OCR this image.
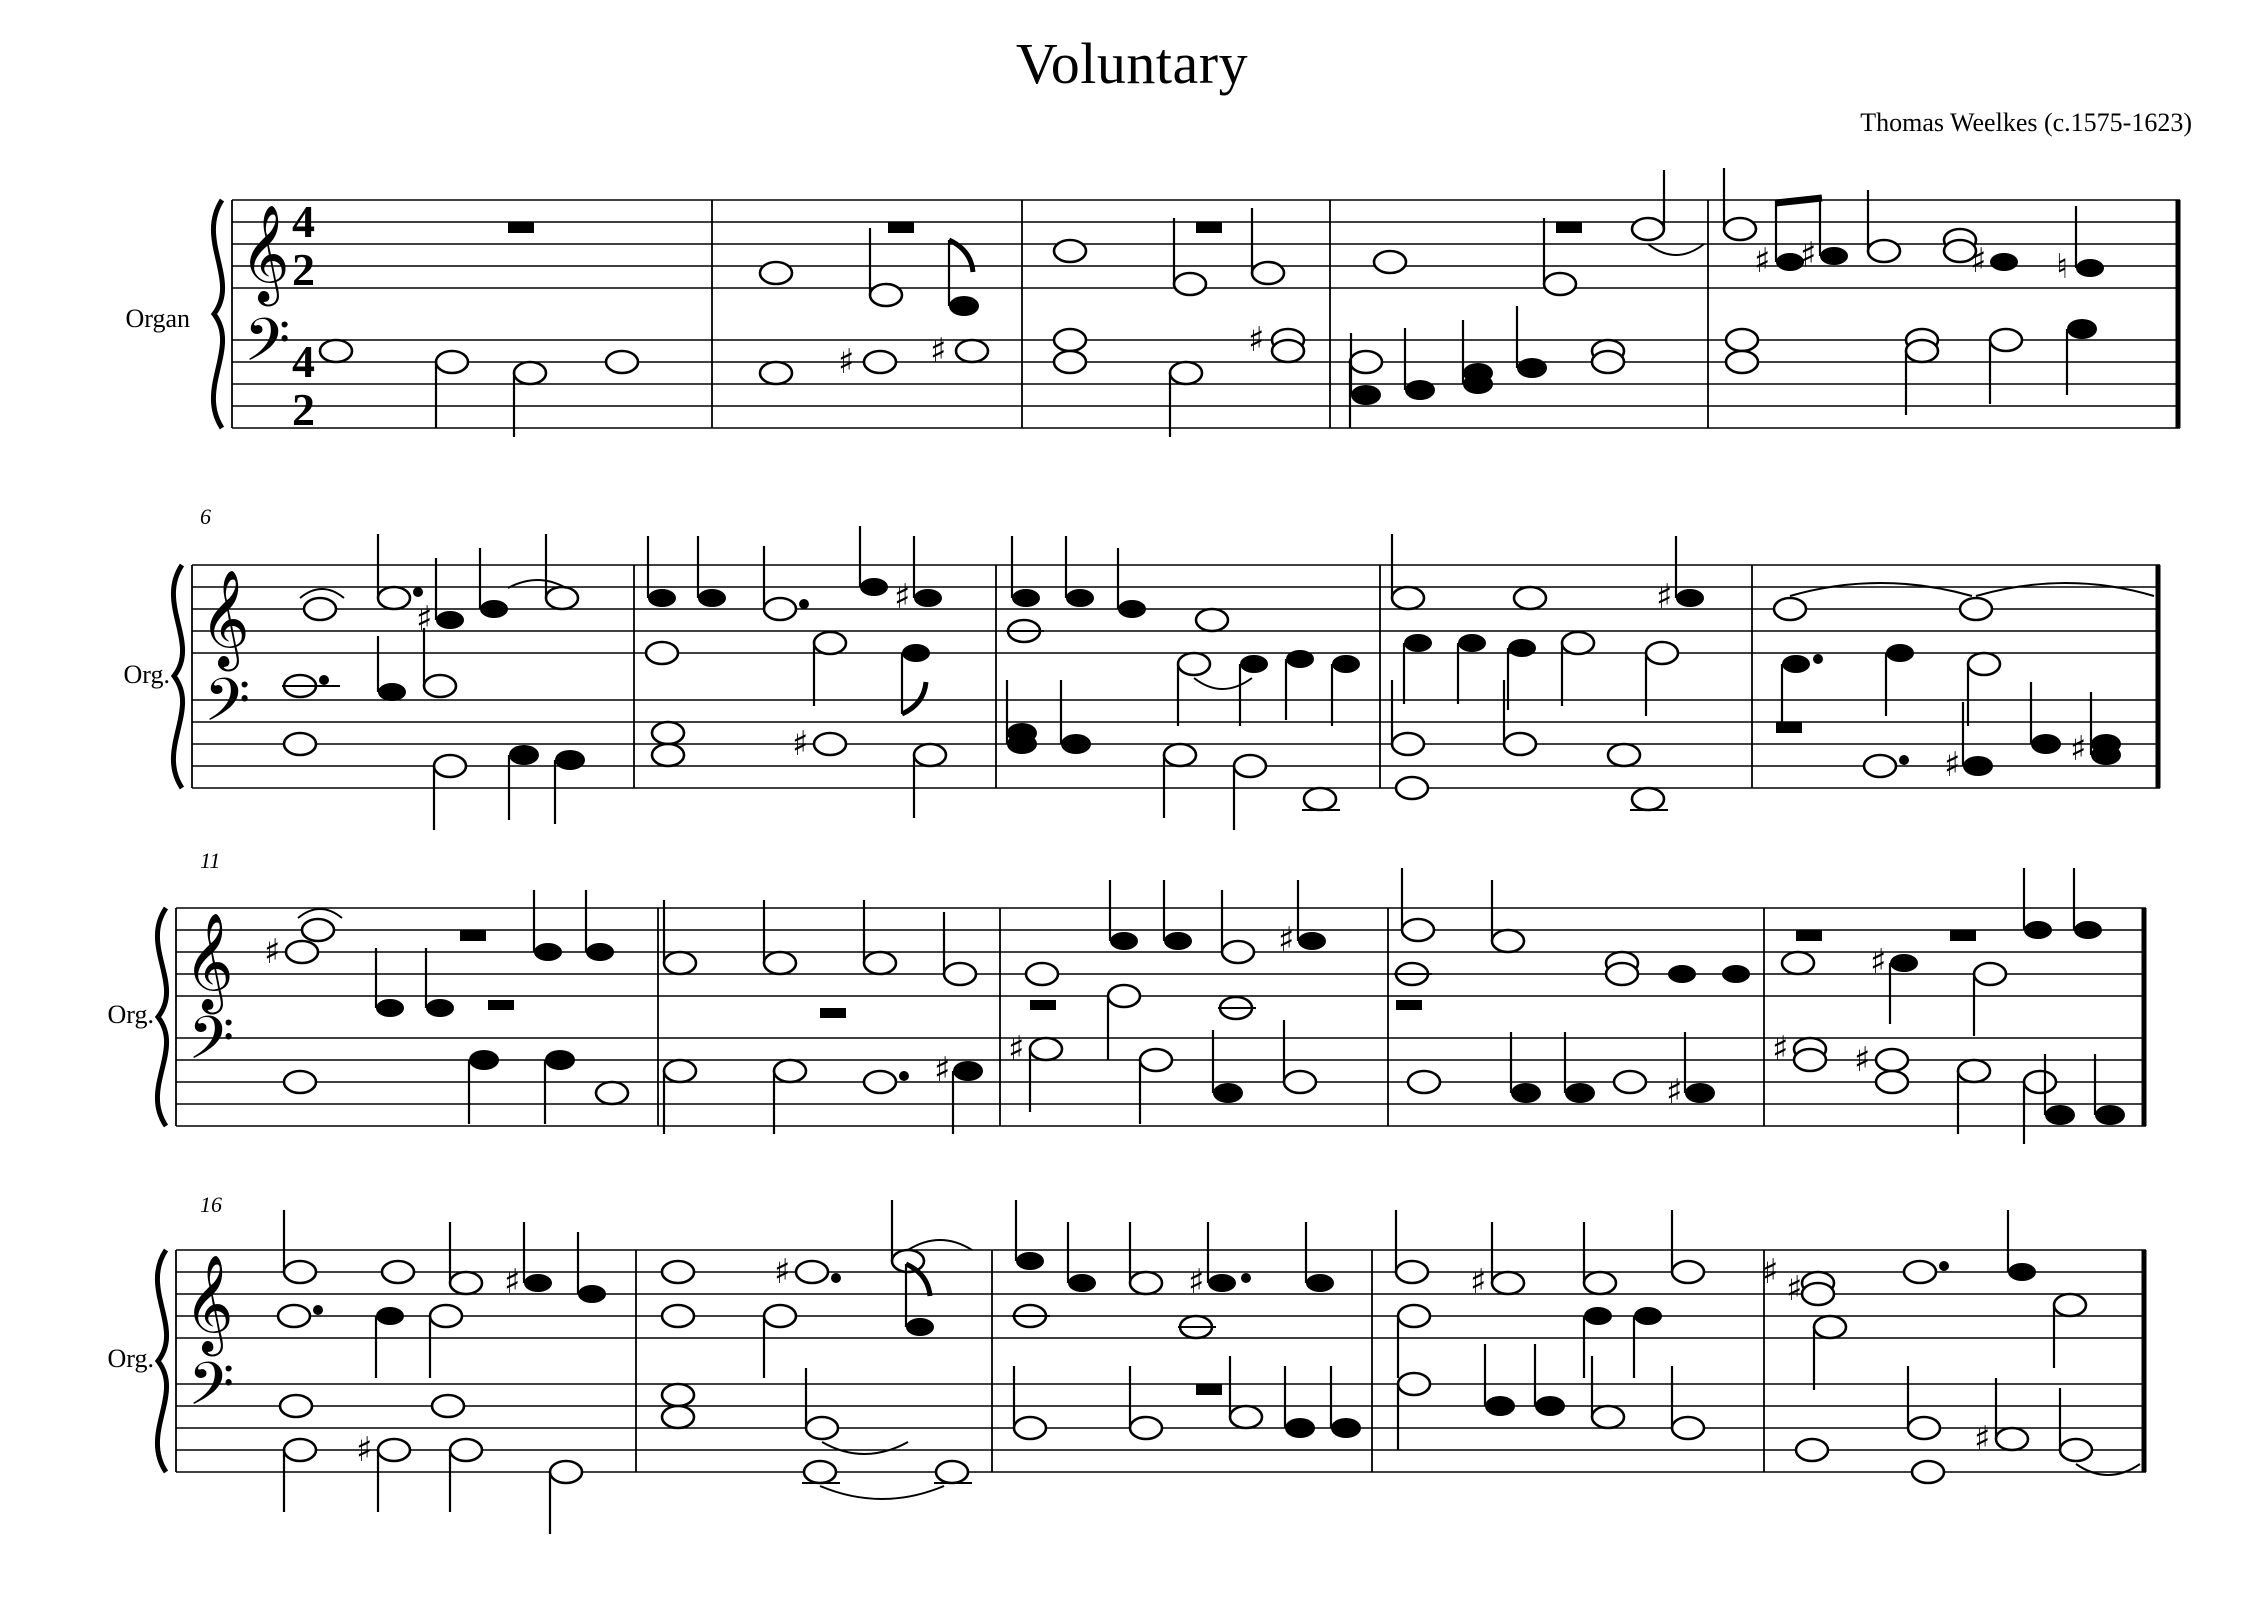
Voluntary
Thomas Weelkes (c.1575-1623)
Organ
𝄞
𝄢
4
2
4
2
♯ ♯	♯
♯ ♯	♯ ♮
𝄞
𝄢
♯
♯
♯
♯
♯	♯
𝄞
𝄢
♯
♯
♯
♯
♯
♯
♯ ♯
𝄞
𝄢
♯
♯
♯	♯	♯	♯ ♯
♯
Org.
Org.
Org.
6
11
16
